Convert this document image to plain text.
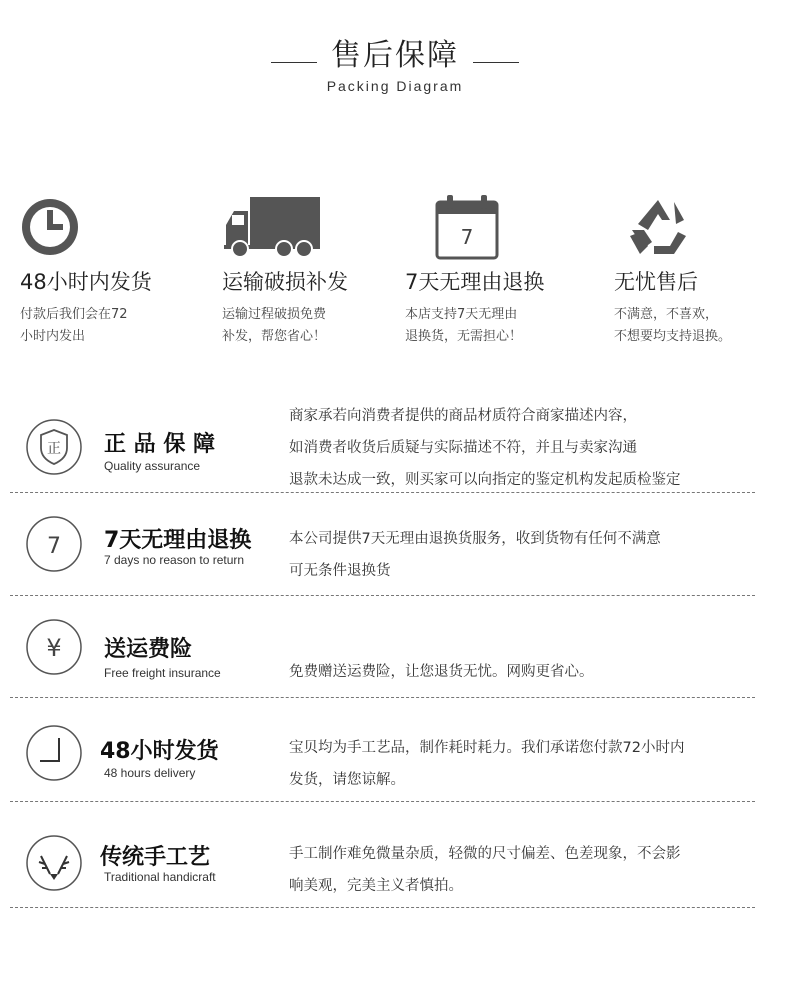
售后保障
Packing Diagram
48小时内发货
付款后我们会在72
小时内发出
运输破损补发
运输过程破损免费
补发，帮您省心！
7
7天无理由退换
本店支持7天无理由
退换货，无需担心！
无忧售后
不满意，不喜欢，
不想要均支持退换。
正 正 品 保 障
Quality assurance
商家承若向消费者提供的商品材质符合商家描述内容，
如消费者收货后质疑与实际描述不符，并且与卖家沟通
退款未达成一致，则买家可以向指定的鉴定机构发起质检鉴定
7 7天无理由退换
7 days no reason to return
本公司提供7天无理由退换货服务，收到货物有任何不满意
可无条件退换货
¥ 送运费险
Free freight insurance	免费赠送运费险，让您退货无忧。网购更省心。
48小时发货
48 hours delivery
宝贝均为手工艺品，制作耗时耗力。我们承诺您付款72小时内
发货，请您谅解。
传统手工艺
Traditional handicraft
手工制作难免微量杂质，轻微的尺寸偏差、色差现象，不会影
响美观，完美主义者慎拍。
